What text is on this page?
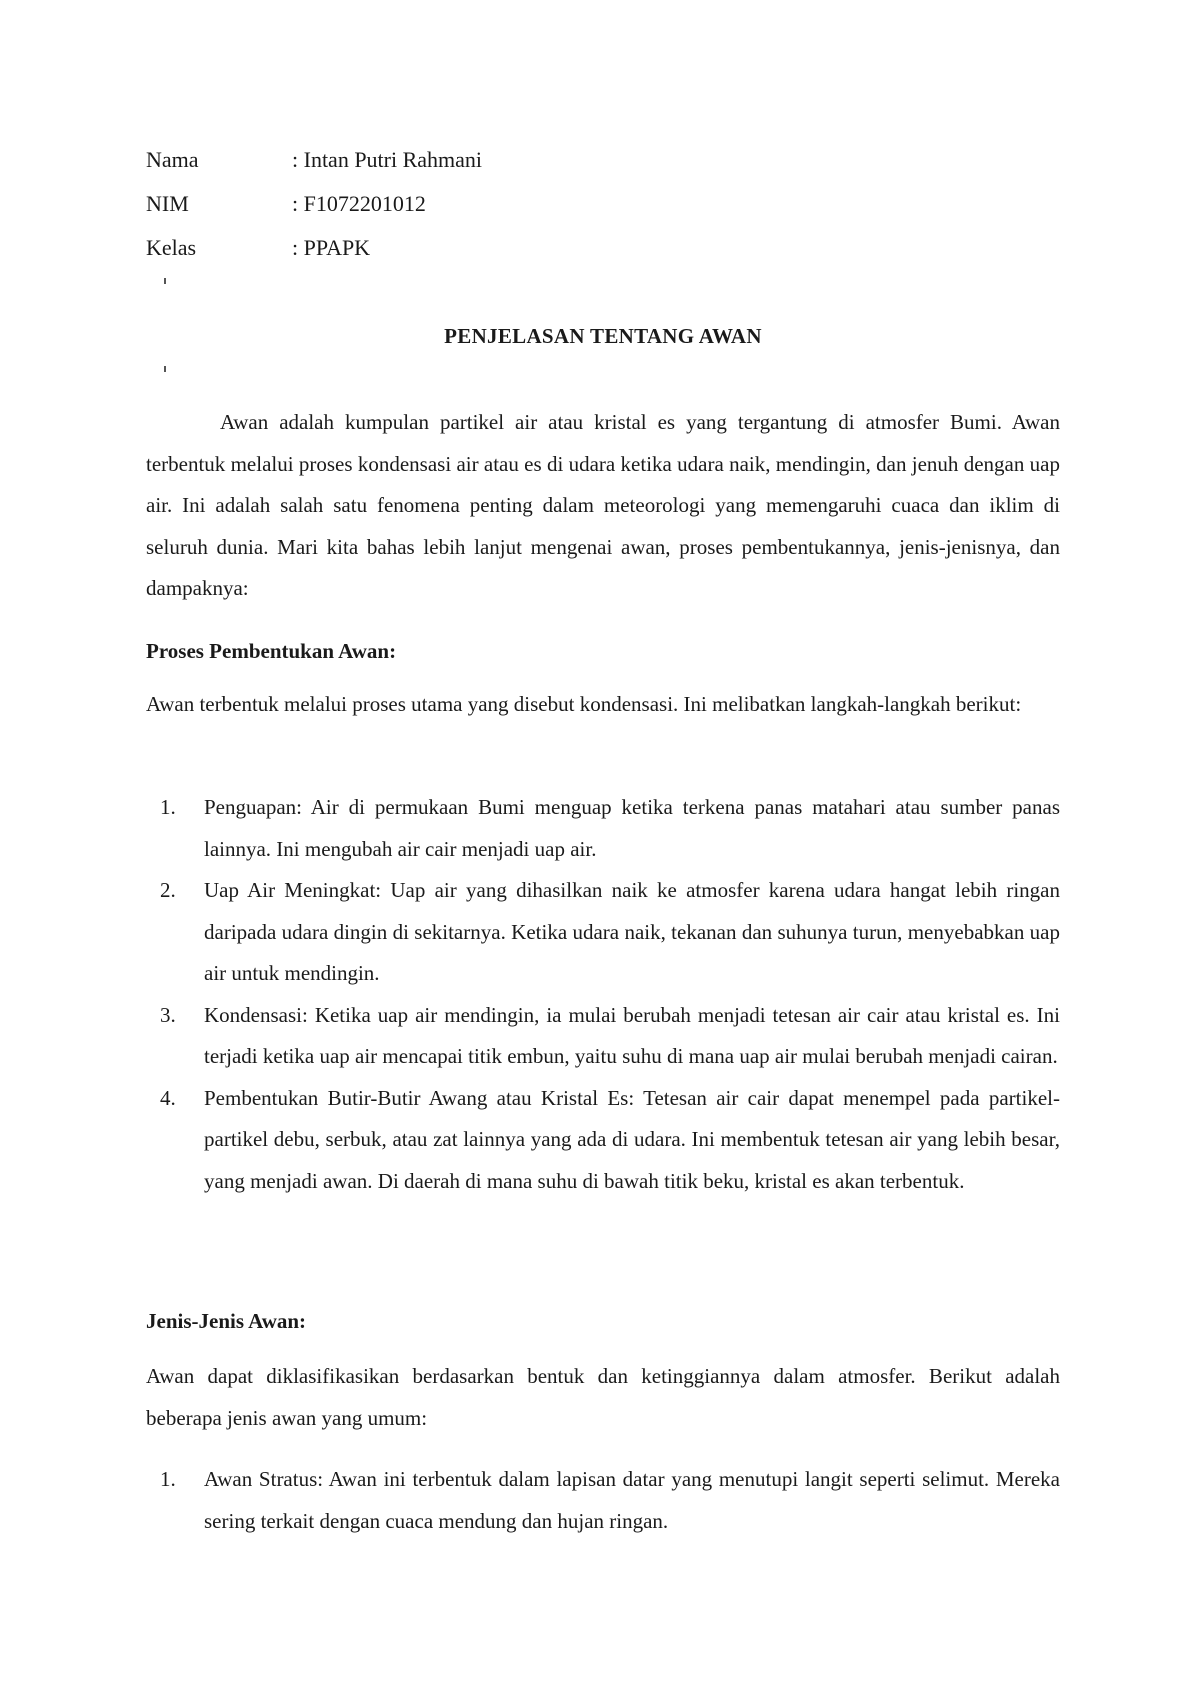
Nama	: Intan Putri Rahmani
NIM	: F1072201012
Kelas	: PPAPK
PENJELASAN TENTANG AWAN

Awan adalah kumpulan partikel air atau kristal es yang tergantung di atmosfer Bumi. Awan terbentuk melalui proses kondensasi air atau es di udara ketika udara naik, mendingin, dan jenuh dengan uap air. Ini adalah salah satu fenomena penting dalam meteorologi yang memengaruhi cuaca dan iklim di seluruh dunia. Mari kita bahas lebih lanjut mengenai awan, proses pembentukannya, jenis-jenisnya, dan dampaknya:

Proses Pembentukan Awan:

Awan terbentuk melalui proses utama yang disebut kondensasi. Ini melibatkan langkah-langkah berikut:

1. Penguapan: Air di permukaan Bumi menguap ketika terkena panas matahari atau sumber panas lainnya. Ini mengubah air cair menjadi uap air.
2. Uap Air Meningkat: Uap air yang dihasilkan naik ke atmosfer karena udara hangat lebih ringan daripada udara dingin di sekitarnya. Ketika udara naik, tekanan dan suhunya turun, menyebabkan uap air untuk mendingin.
3. Kondensasi: Ketika uap air mendingin, ia mulai berubah menjadi tetesan air cair atau kristal es. Ini terjadi ketika uap air mencapai titik embun, yaitu suhu di mana uap air mulai berubah menjadi cairan.
4. Pembentukan Butir-Butir Awang atau Kristal Es: Tetesan air cair dapat menempel pada partikel-partikel debu, serbuk, atau zat lainnya yang ada di udara. Ini membentuk tetesan air yang lebih besar, yang menjadi awan. Di daerah di mana suhu di bawah titik beku, kristal es akan terbentuk.
Jenis-Jenis Awan:

Awan dapat diklasifikasikan berdasarkan bentuk dan ketinggiannya dalam atmosfer. Berikut adalah beberapa jenis awan yang umum:

1. Awan Stratus: Awan ini terbentuk dalam lapisan datar yang menutupi langit seperti selimut. Mereka sering terkait dengan cuaca mendung dan hujan ringan.
